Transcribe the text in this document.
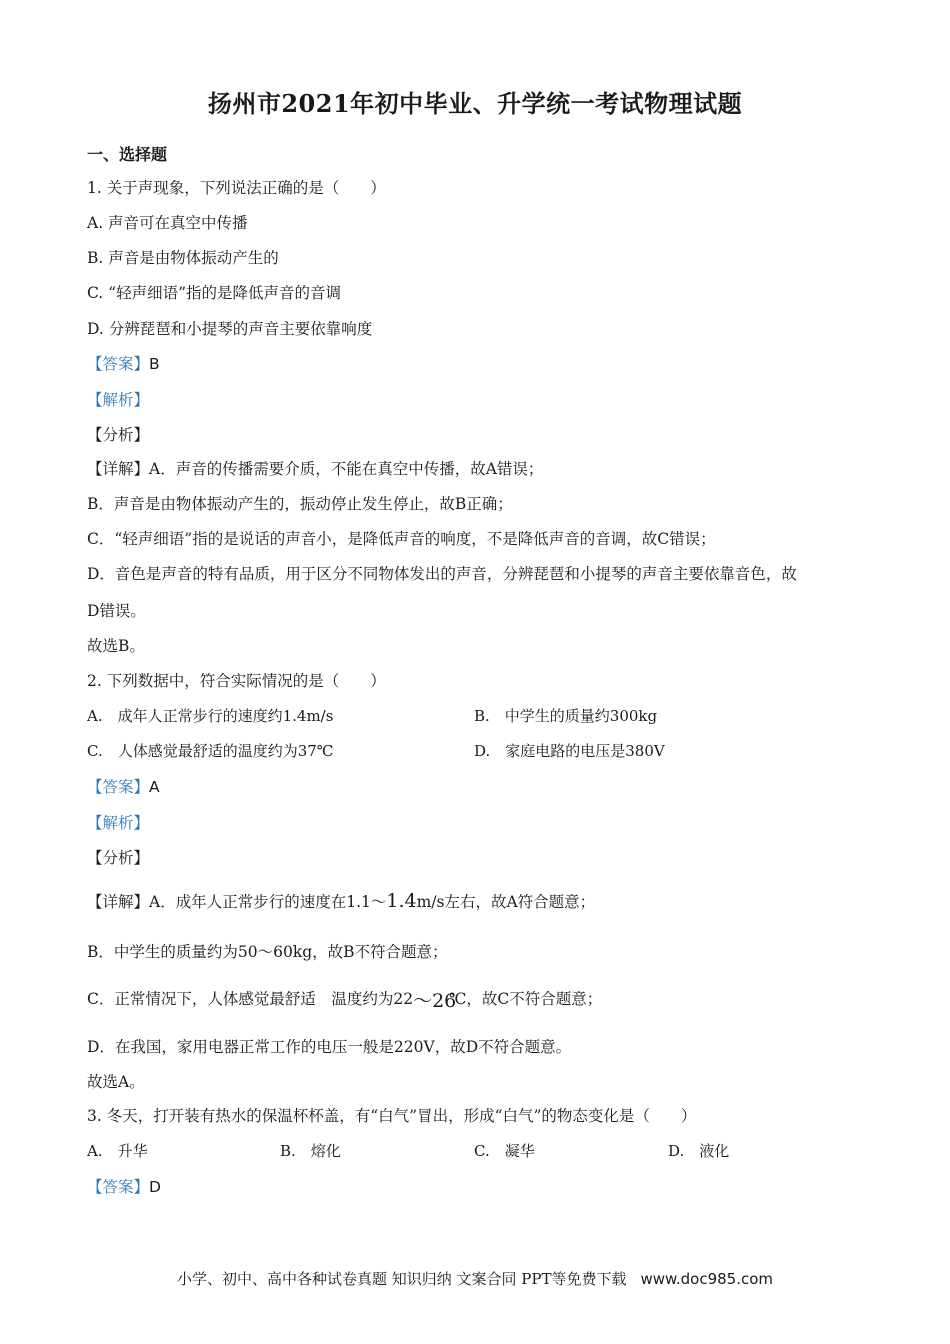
扬州市2021年初中毕业、升学统一考试物理试题
一、选择题
1. 关于声现象，下列说法正确的是（　　）
A. 声音可在真空中传播
B. 声音是由物体振动产生的
C. “轻声细语”指的是降低声音的音调
D. 分辨琵琶和小提琴的声音主要依靠响度
【答案】B
【解析】
【分析】
【详解】A．声音的传播需要介质，不能在真空中传播，故A错误；
B．声音是由物体振动产生的，振动停止发生停止，故B正确；
C．“轻声细语”指的是说话的声音小，是降低声音的响度，不是降低声音的音调，故C错误；
D．音色是声音的特有品质，用于区分不同物体发出的声音，分辨琵琶和小提琴的声音主要依靠音色，故
D错误。
故选B。
2. 下列数据中，符合实际情况的是（　　）
A.　成年人正常步行的速度约1.4m/s	B.　中学生的质量约300kg
C.　人体感觉最舒适的温度约为37℃	D.　家庭电路的电压是380V
【答案】A
【解析】
【分析】
【详解】A．成年人正常步行的速度在1.1～1.4m/s左右，故A符合题意；
B．中学生的质量约为50～60kg，故B不符合题意；
C．正常情况下，人体感觉最舒适　温度约为22 ～26
℃，故C不符合题意；
D．在我国，家用电器正常工作的电压一般是220V，故D不符合题意。
故选A。
3. 冬天，打开装有热水的保温杯杯盖，有“白气”冒出，形成“白气”的物态变化是（　　）
A.　升华	B.　熔化	C.　凝华	D.　液化
【答案】D
小学、初中、高中各种试卷真题 知识归纳 文案合同 PPT等免费下载 www.doc985.com
